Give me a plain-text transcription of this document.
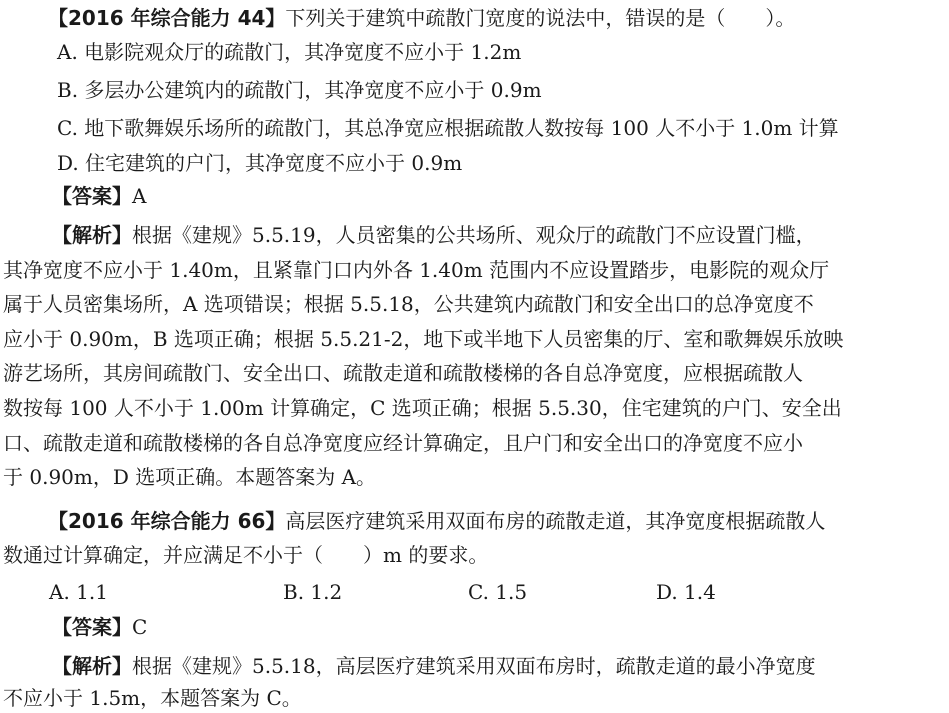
【2016 年综合能力 44】下列关于建筑中疏散门宽度的说法中，错误的是（　　）。
A. 电影院观众厅的疏散门，其净宽度不应小于 1.2m
B. 多层办公建筑内的疏散门，其净宽度不应小于 0.9m
C. 地下歌舞娱乐场所的疏散门，其总净宽应根据疏散人数按每 100 人不小于 1.0m 计算
D. 住宅建筑的户门，其净宽度不应小于 0.9m
【答案】A
【解析】根据《建规》5.5.19，人员密集的公共场所、观众厅的疏散门不应设置门槛，
其净宽度不应小于 1.40m，且紧靠门口内外各 1.40m 范围内不应设置踏步，电影院的观众厅
属于人员密集场所，A 选项错误；根据 5.5.18，公共建筑内疏散门和安全出口的总净宽度不
应小于 0.90m，B 选项正确；根据 5.5.21-2，地下或半地下人员密集的厅、室和歌舞娱乐放映
游艺场所，其房间疏散门、安全出口、疏散走道和疏散楼梯的各自总净宽度，应根据疏散人
数按每 100 人不小于 1.00m 计算确定，C 选项正确；根据 5.5.30，住宅建筑的户门、安全出
口、疏散走道和疏散楼梯的各自总净宽度应经计算确定，且户门和安全出口的净宽度不应小
于 0.90m，D 选项正确。本题答案为 A。
【2016 年综合能力 66】高层医疗建筑采用双面布房的疏散走道，其净宽度根据疏散人
数通过计算确定，并应满足不小于（　　）m 的要求。
A. 1.1	B. 1.2	C. 1.5	D. 1.4
【答案】C
【解析】根据《建规》5.5.18，高层医疗建筑采用双面布房时，疏散走道的最小净宽度
不应小于 1.5m，本题答案为 C。
